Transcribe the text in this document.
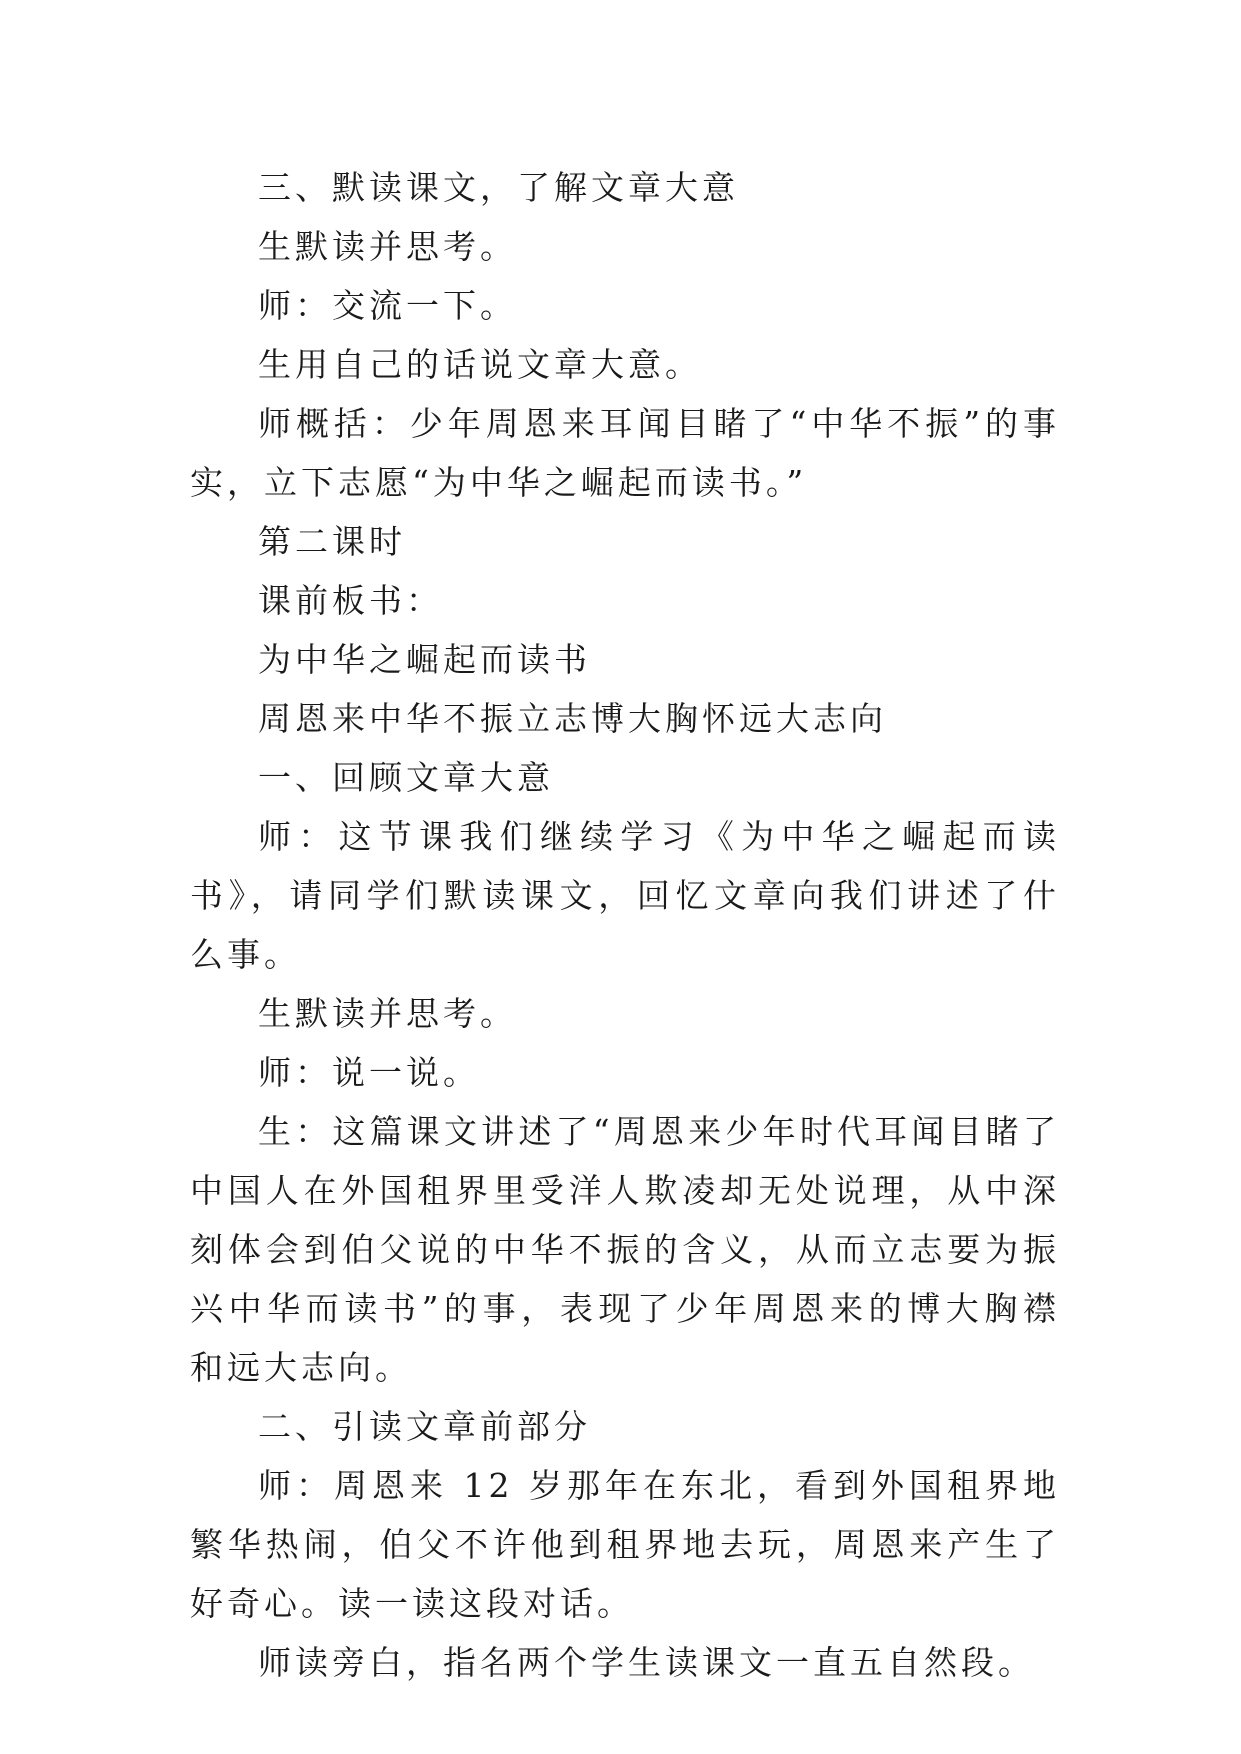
三、默读课文，了解文章大意

生默读并思考。

师：交流一下。

生用自己的话说文章大意。

师概括：少年周恩来耳闻目睹了“中华不振”的事实，立下志愿“为中华之崛起而读书。”

第二课时

课前板书：

为中华之崛起而读书

周恩来中华不振立志博大胸怀远大志向

一、回顾文章大意

师：这节课我们继续学习《为中华之崛起而读书》，请同学们默读课文，回忆文章向我们讲述了什么事。

生默读并思考。

师：说一说。

生：这篇课文讲述了“周恩来少年时代耳闻目睹了中国人在外国租界里受洋人欺凌却无处说理，从中深刻体会到伯父说的中华不振的含义，从而立志要为振兴中华而读书”的事，表现了少年周恩来的博大胸襟和远大志向。

二、引读文章前部分

师：周恩来 12 岁那年在东北，看到外国租界地繁华热闹，伯父不许他到租界地去玩，周恩来产生了好奇心。读一读这段对话。

师读旁白，指名两个学生读课文一直五自然段。
